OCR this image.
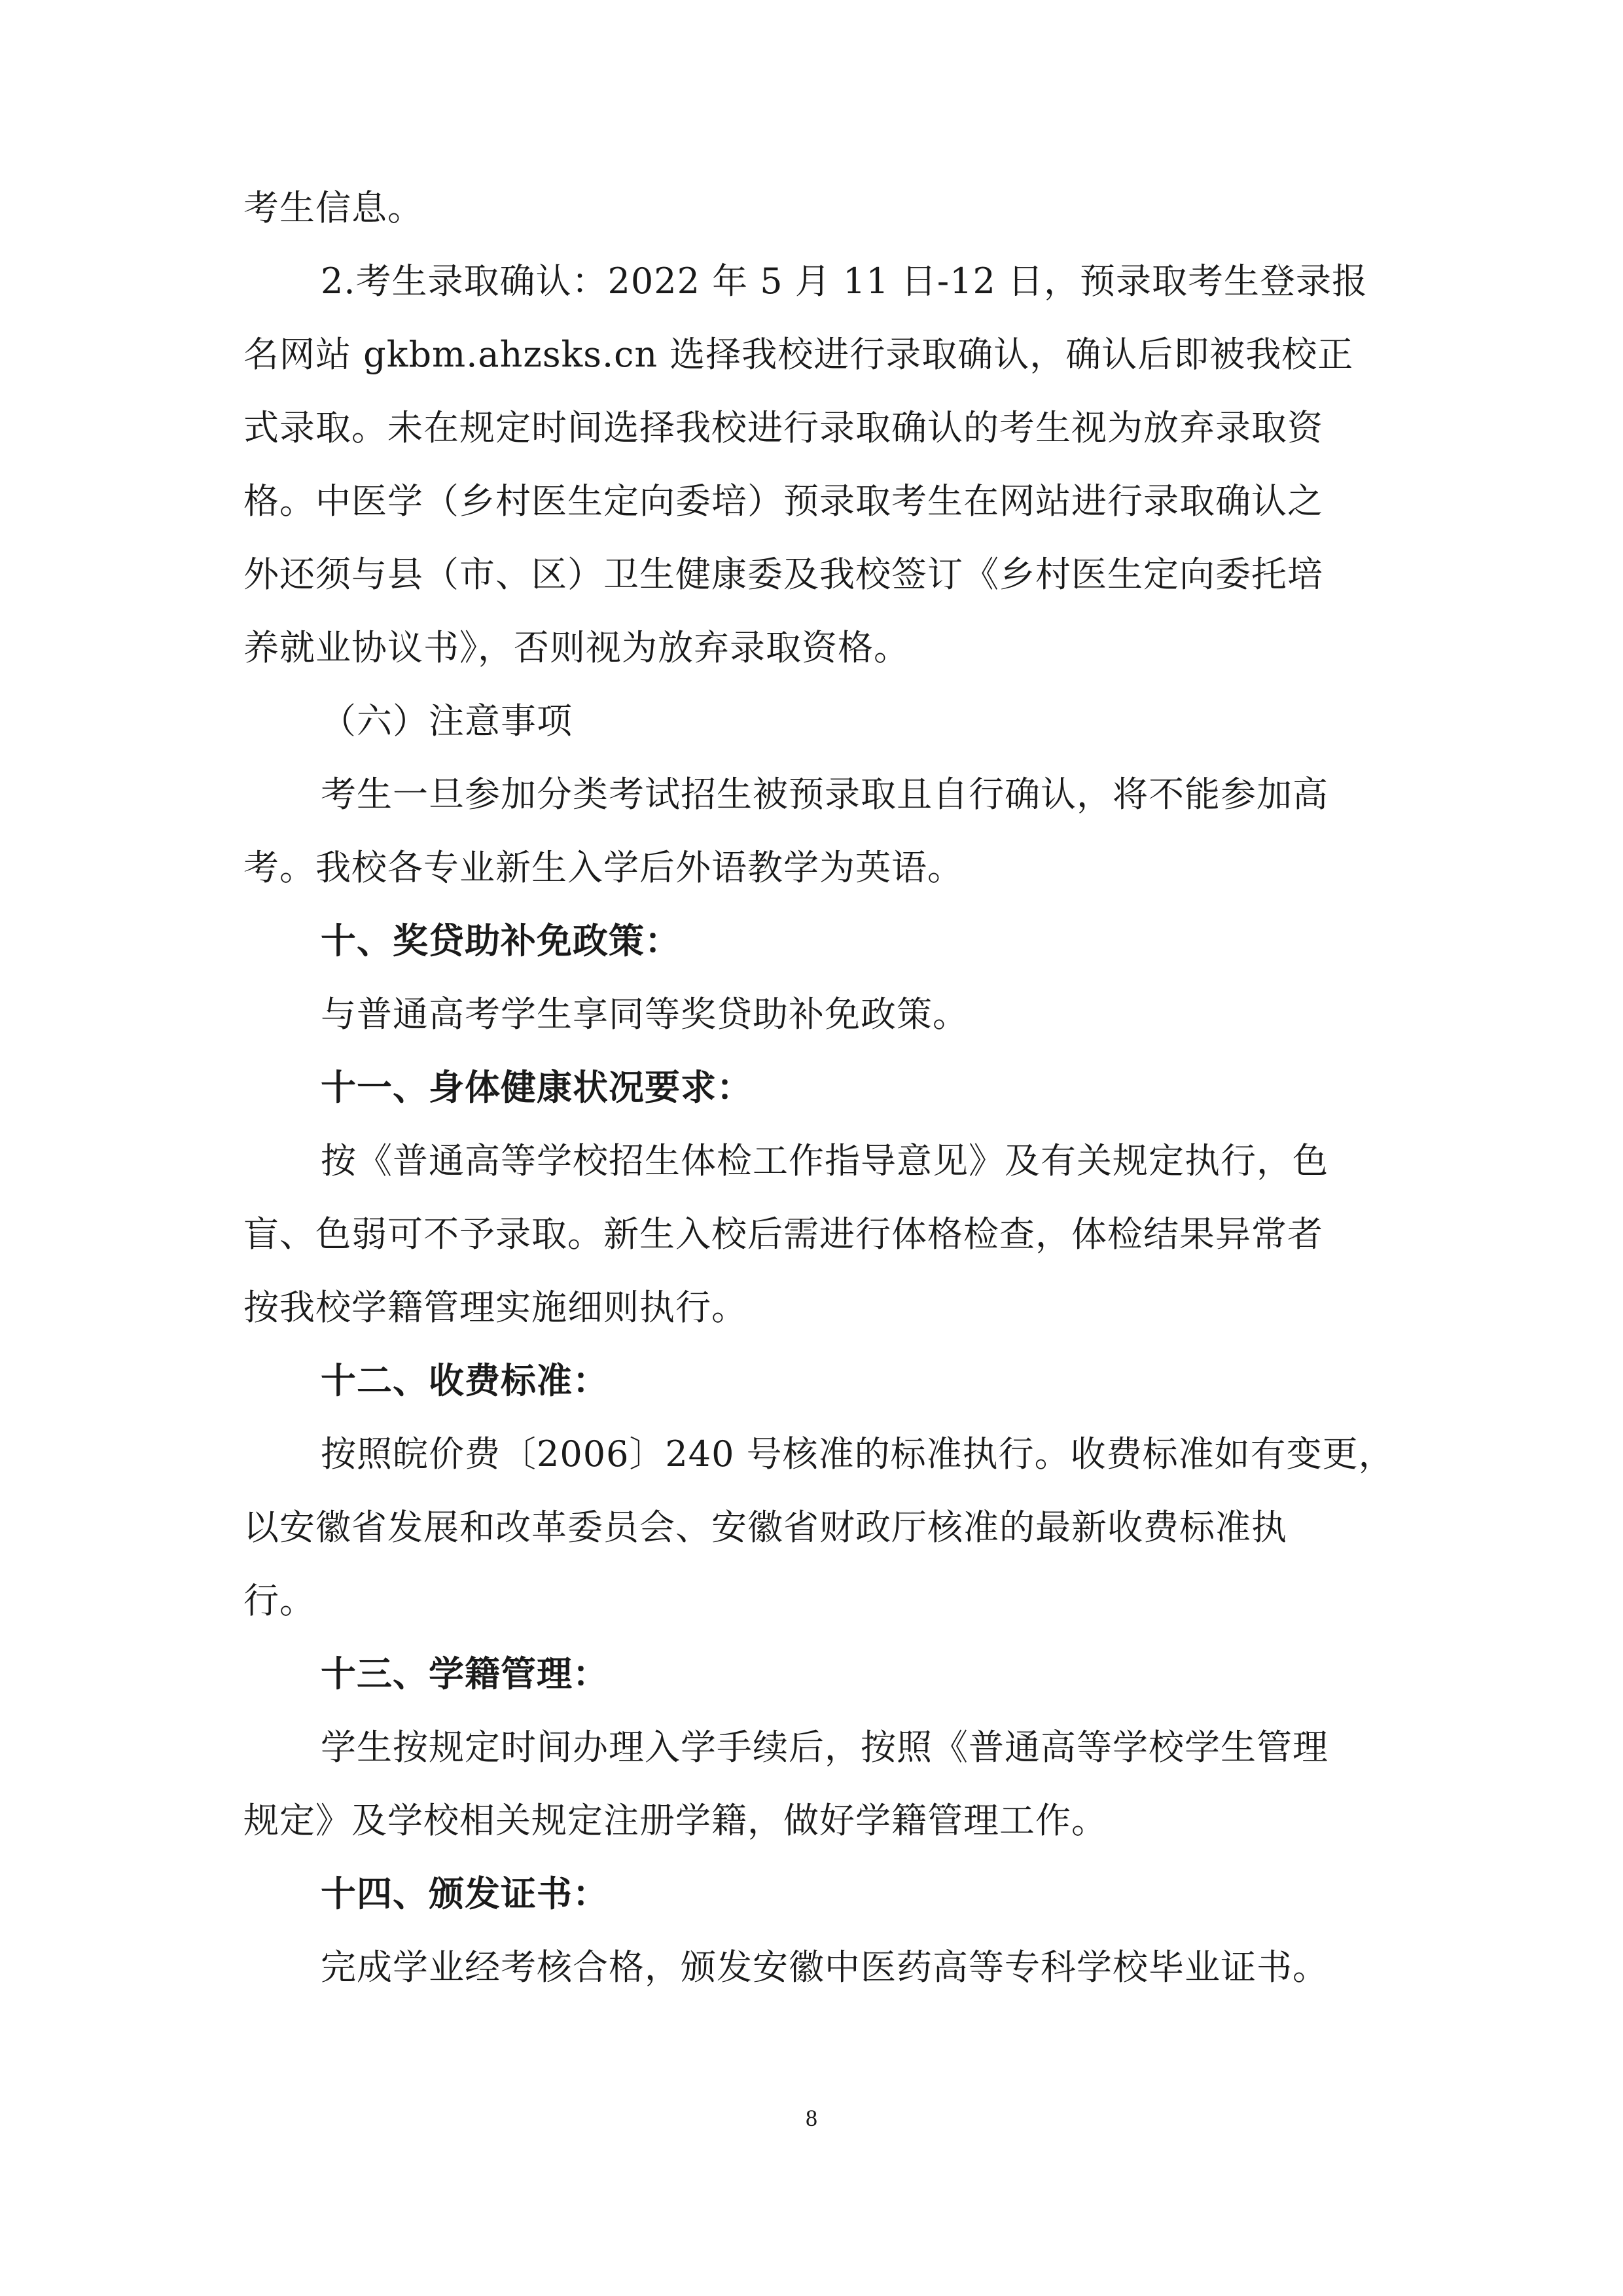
考生信息。
2.考生录取确认：2022 年 5 月 11 日-12 日，预录取考生登录报
名网站 gkbm.ahzsks.cn 选择我校进行录取确认，确认后即被我校正
式录取。未在规定时间选择我校进行录取确认的考生视为放弃录取资
格。中医学（乡村医生定向委培）预录取考生在网站进行录取确认之
外还须与县（市、区）卫生健康委及我校签订《乡村医生定向委托培
养就业协议书》，否则视为放弃录取资格。
（六）注意事项
考生一旦参加分类考试招生被预录取且自行确认，将不能参加高
考。我校各专业新生入学后外语教学为英语。
十、奖贷助补免政策：
与普通高考学生享同等奖贷助补免政策。
十一、身体健康状况要求：
按《普通高等学校招生体检工作指导意见》及有关规定执行，色
盲、色弱可不予录取。新生入校后需进行体格检查，体检结果异常者
按我校学籍管理实施细则执行。
十二、收费标准：
按照皖价费〔2006〕240 号核准的标准执行。收费标准如有变更，
以安徽省发展和改革委员会、安徽省财政厅核准的最新收费标准执
行。
十三、学籍管理：
学生按规定时间办理入学手续后，按照《普通高等学校学生管理
规定》及学校相关规定注册学籍，做好学籍管理工作。
十四、颁发证书：
完成学业经考核合格，颁发安徽中医药高等专科学校毕业证书。
8
